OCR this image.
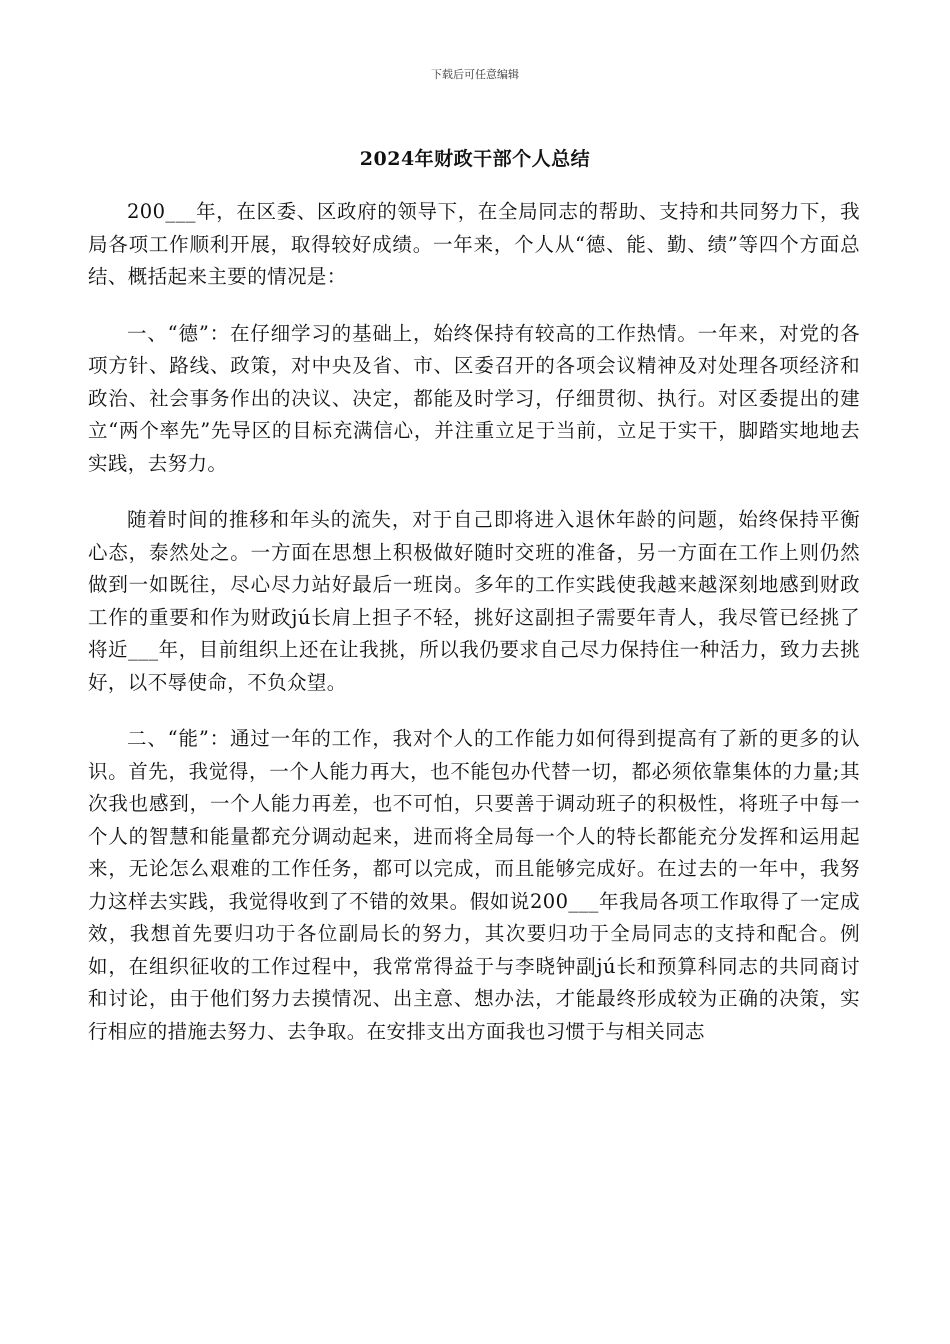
下载后可任意编辑
2024年财政干部个人总结

200___年，在区委、区政府的领导下，在全局同志的帮助、支持和共同努力下，我局各项工作顺利开展，取得较好成绩。一年来，个人从“德、能、勤、绩”等四个方面总结、概括起来主要的情况是：

一、“德”：在仔细学习的基础上，始终保持有较高的工作热情。一年来，对党的各项方针、路线、政策，对中央及省、市、区委召开的各项会议精神及对处理各项经济和政治、社会事务作出的决议、决定，都能及时学习，仔细贯彻、执行。对区委提出的建立“两个率先”先导区的目标充满信心，并注重立足于当前，立足于实干，脚踏实地地去实践，去努力。

随着时间的推移和年头的流失，对于自己即将进入退休年龄的问题，始终保持平衡心态，泰然处之。一方面在思想上积极做好随时交班的准备，另一方面在工作上则仍然做到一如既往，尽心尽力站好最后一班岗。多年的工作实践使我越来越深刻地感到财政工作的重要和作为财政jú长肩上担子不轻，挑好这副担子需要年青人，我尽管已经挑了将近___年，目前组织上还在让我挑，所以我仍要求自己尽力保持住一种活力，致力去挑好，以不辱使命，不负众望。

二、“能”：通过一年的工作，我对个人的工作能力如何得到提高有了新的更多的认识。首先，我觉得，一个人能力再大，也不能包办代替一切，都必须依靠集体的力量;其次我也感到，一个人能力再差，也不可怕，只要善于调动班子的积极性，将班子中每一个人的智慧和能量都充分调动起来，进而将全局每一个人的特长都能充分发挥和运用起来，无论怎么艰难的工作任务，都可以完成，而且能够完成好。在过去的一年中，我努力这样去实践，我觉得收到了不错的效果。假如说200___年我局各项工作取得了一定成效，我想首先要归功于各位副局长的努力，其次要归功于全局同志的支持和配合。例如，在组织征收的工作过程中，我常常得益于与李晓钟副jú长和预算科同志的共同商讨和讨论，由于他们努力去摸情况、出主意、想办法，才能最终形成较为正确的决策，实行相应的措施去努力、去争取。在安排支出方面我也习惯于与相关同志
